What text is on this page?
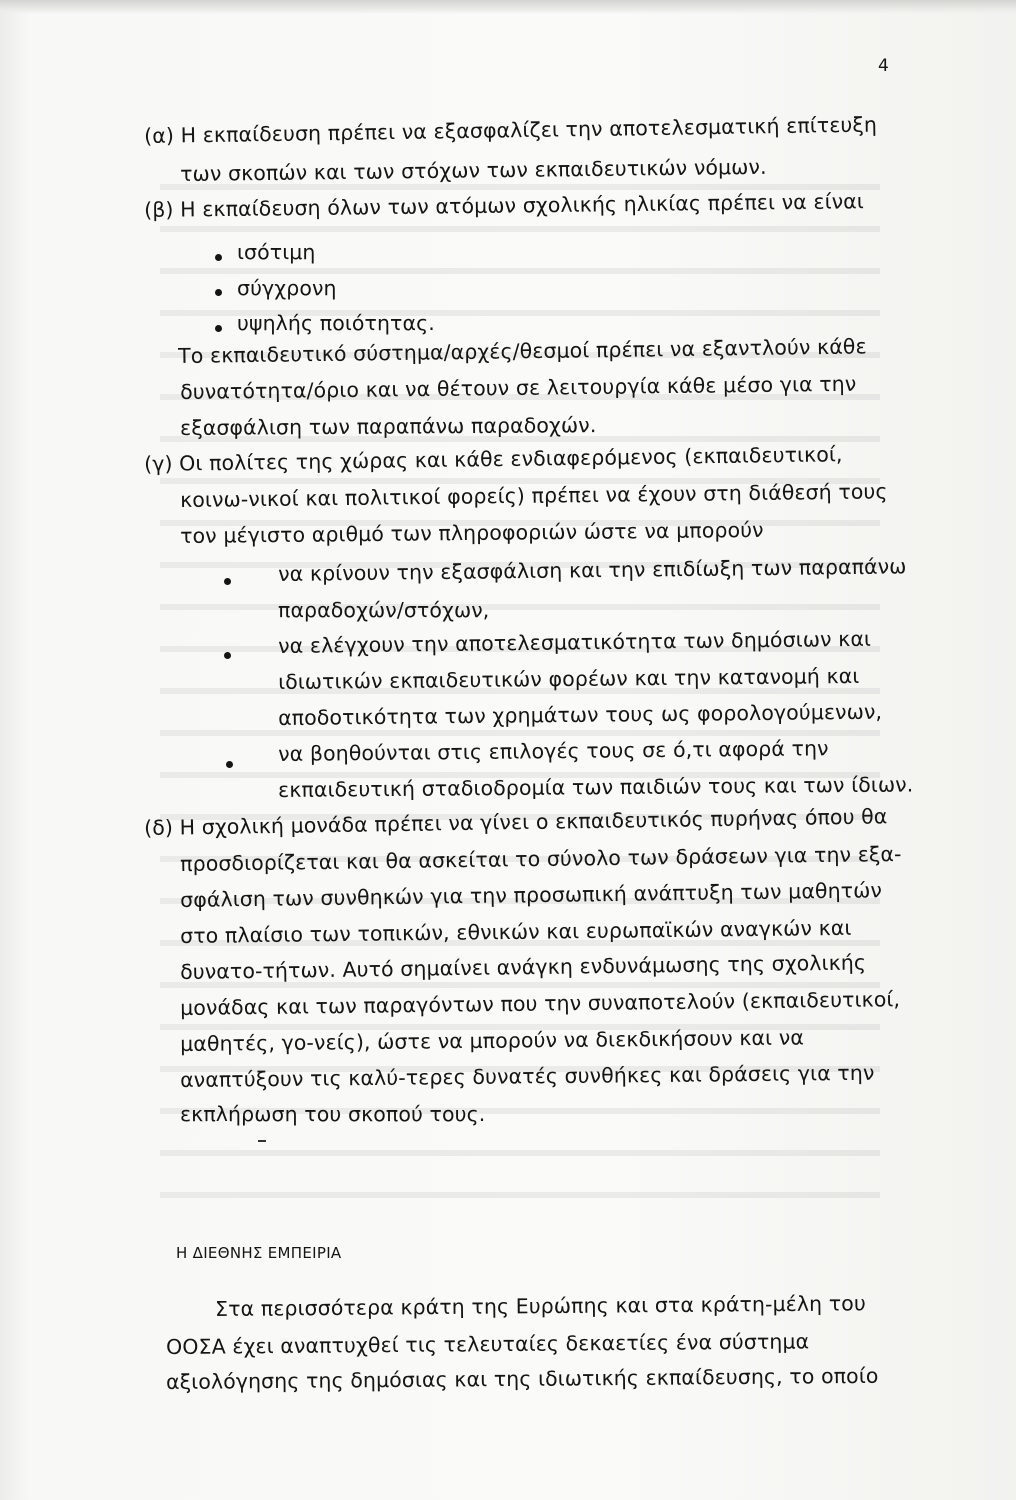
4
(α) Η εκπαίδευση πρέπει να εξασφαλίζει την αποτελεσματική επίτευξη
των σκοπών και των στόχων των εκπαιδευτικών νόμων.
(β) Η εκπαίδευση όλων των ατόμων σχολικής ηλικίας πρέπει να είναι
ισότιμη
σύγχρονη
υψηλής ποιότητας.
Το εκπαιδευτικό σύστημα/αρχές/θεσμοί πρέπει να εξαντλούν κάθε
δυνατότητα/όριο και να θέτουν σε λειτουργία κάθε μέσο για την
εξασφάλιση των παραπάνω παραδοχών.
(γ) Οι πολίτες της χώρας και κάθε ενδιαφερόμενος (εκπαιδευτικοί,
κοινω-νικοί και πολιτικοί φορείς) πρέπει να έχουν στη διάθεσή τους
τον μέγιστο αριθμό των πληροφοριών ώστε να μπορούν
να κρίνουν την εξασφάλιση και την επιδίωξη των παραπάνω
παραδοχών/στόχων,
να ελέγχουν την αποτελεσματικότητα των δημόσιων και
ιδιωτικών εκπαιδευτικών φορέων και την κατανομή και
αποδοτικότητα των χρημάτων τους ως φορολογούμενων,
να βοηθούνται στις επιλογές τους σε ό,τι αφορά την
εκπαιδευτική σταδιοδρομία των παιδιών τους και των ίδιων.
(δ) Η σχολική μονάδα πρέπει να γίνει ο εκπαιδευτικός πυρήνας όπου θα
προσδιορίζεται και θα ασκείται το σύνολο των δράσεων για την εξα-
σφάλιση των συνθηκών για την προσωπική ανάπτυξη των μαθητών
στο πλαίσιο των τοπικών, εθνικών και ευρωπαϊκών αναγκών και
δυνατο-τήτων. Αυτό σημαίνει ανάγκη ενδυνάμωσης της σχολικής
μονάδας και των παραγόντων που την συναποτελούν (εκπαιδευτικοί,
μαθητές, γο-νείς), ώστε να μπορούν να διεκδικήσουν και να
αναπτύξουν τις καλύ-τερες δυνατές συνθήκες και δράσεις για την
εκπλήρωση του σκοπού τους.
Η ΔΙΕΘΝΗΣ ΕΜΠΕΙΡΙΑ
Στα περισσότερα κράτη της Ευρώπης και στα κράτη-μέλη του
ΟΟΣΑ έχει αναπτυχθεί τις τελευταίες δεκαετίες ένα σύστημα
αξιολόγησης της δημόσιας και της ιδιωτικής εκπαίδευσης, το οποίο
